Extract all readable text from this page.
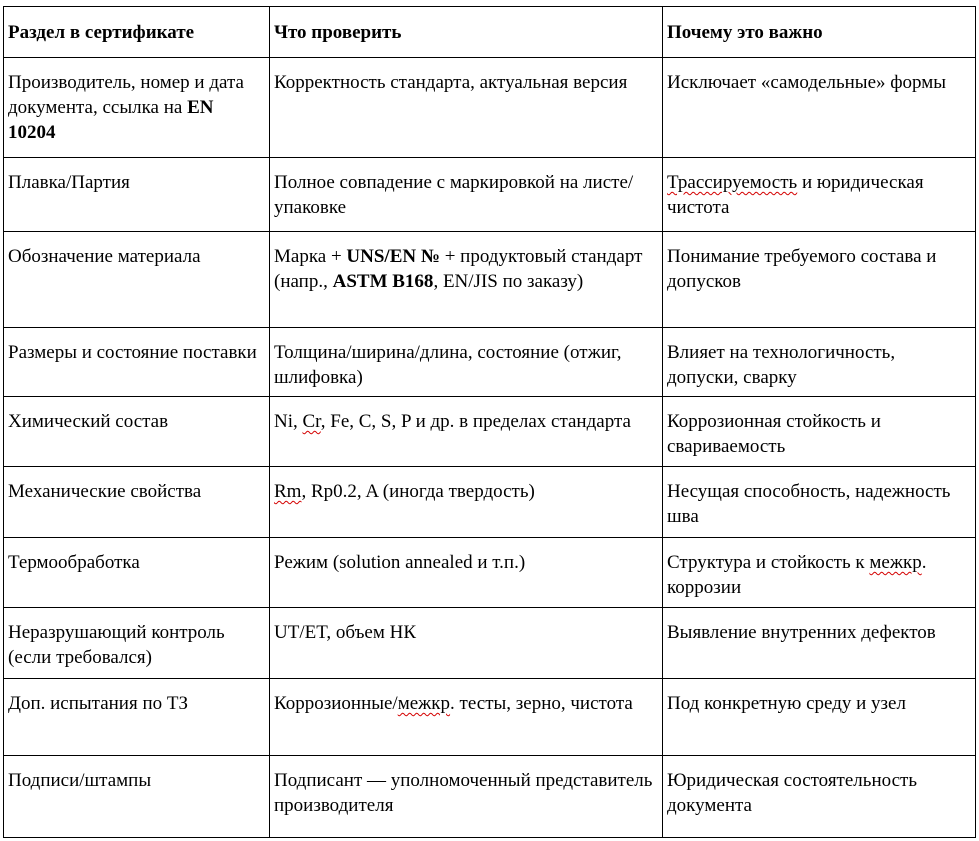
Раздел в сертификате	Что проверить	Почему это важно
Производитель, номер и дата документа, ссылка на EN 10204	Корректность стандарта, актуальная версия	Исключает «самодельные» формы
Плавка/Партия	Полное совпадение с маркировкой на листе/упаковке	Трассируемость и юридическая чистота
Обозначение материала	Марка + UNS/EN № + продуктовый стандарт (напр., ASTM B168, EN/JIS по заказу)	Понимание требуемого состава и допусков
Размеры и состояние поставки	Толщина/ширина/длина, состояние (отжиг, шлифовка)	Влияет на технологичность, допуски, сварку
Химический состав	Ni, Cr, Fe, C, S, P и др. в пределах стандарта	Коррозионная стойкость и свариваемость
Механические свойства	Rm, Rp0.2, A (иногда твердость)	Несущая способность, надежность шва
Термообработка	Режим (solution annealed и т.п.)	Структура и стойкость к межкр. коррозии
Неразрушающий контроль (если требовался)	UT/ET, объем НК	Выявление внутренних дефектов
Доп. испытания по ТЗ	Коррозионные/межкр. тесты, зерно, чистота	Под конкретную среду и узел
Подписи/штампы	Подписант — уполномоченный представитель производителя	Юридическая состоятельность документа
